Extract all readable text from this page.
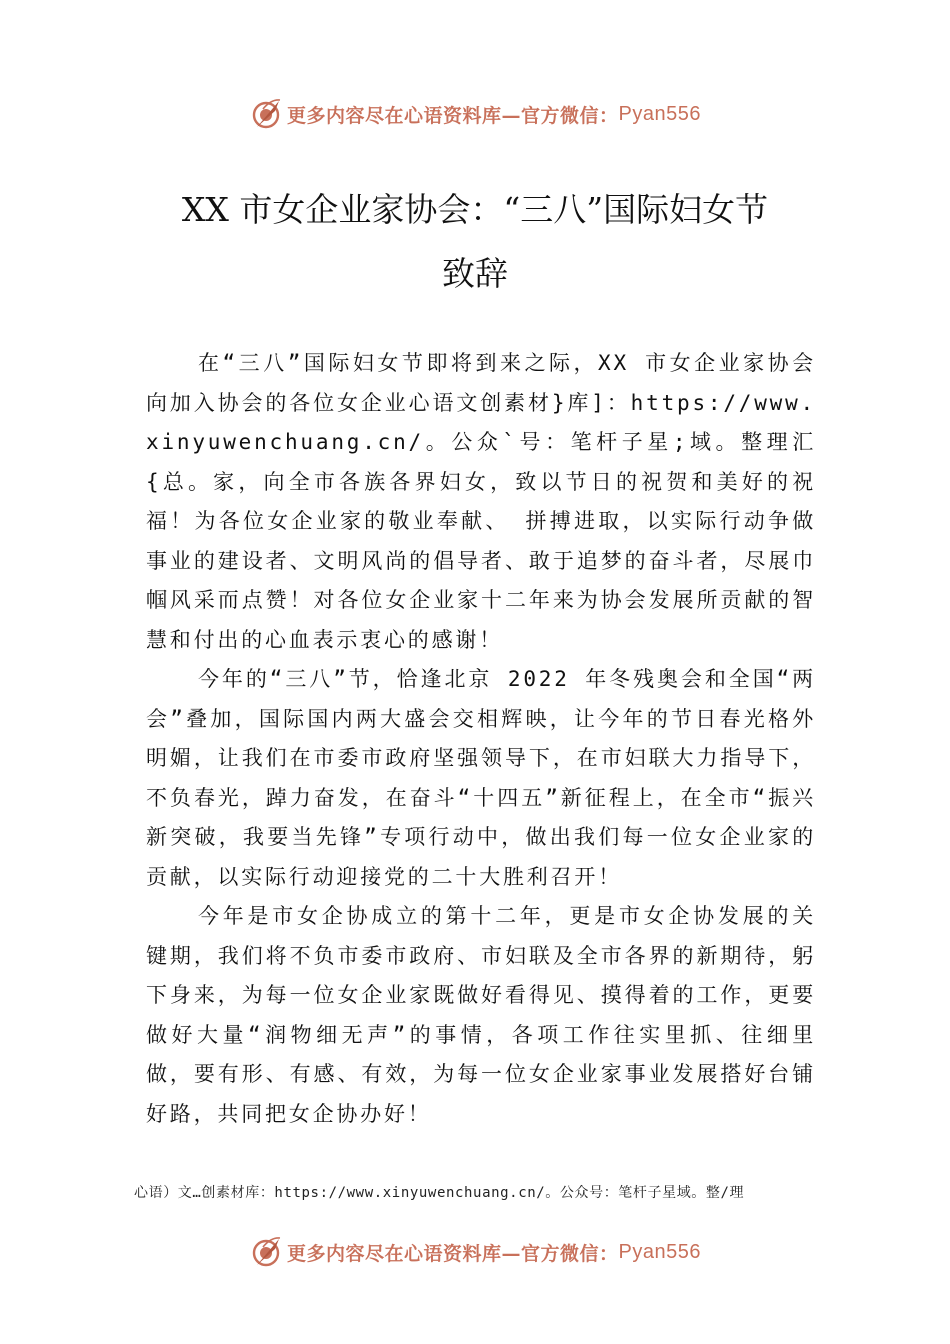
更多内容尽在心语资料库—官方微信： Pyan556
XX 市女企业家协会：“三八”国际妇女节
致辞

在“三八”国际妇女节即将到来之际，XX 市女企业家协会向加入协会的各位女企业心语文创素材}库]：https://www.xinyuwenchuang.cn/。公众`号：笔杆子星;域。整理汇{总。家，向全市各族各界妇女，致以节日的祝贺和美好的祝福！为各位女企业家的敬业奉献、 拼搏进取，以实际行动争做事业的建设者、文明风尚的倡导者、敢于追梦的奋斗者，尽展巾帼风采而点赞！对各位女企业家十二年来为协会发展所贡献的智慧和付出的心血表示衷心的感谢！

今年的“三八”节，恰逢北京 2022 年冬残奥会和全国“两会”叠加，国际国内两大盛会交相辉映，让今年的节日春光格外明媚，让我们在市委市政府坚强领导下，在市妇联大力指导下，不负春光，踔力奋发，在奋斗“十四五”新征程上，在全市“振兴新突破，我要当先锋”专项行动中，做出我们每一位女企业家的贡献，以实际行动迎接党的二十大胜利召开！

今年是市女企协成立的第十二年，更是市女企协发展的关键期，我们将不负市委市政府、市妇联及全市各界的新期待，躬下身来，为每一位女企业家既做好看得见、摸得着的工作，更要做好大量“润物细无声”的事情，各项工作往实里抓、往细里做，要有形、有感、有效，为每一位女企业家事业发展搭好台铺好路，共同把女企协办好！

心语）文…创素材库：https://www.xinyuwenchuang.cn/。公众号：笔杆子星域。整/理
更多内容尽在心语资料库—官方微信： Pyan556
